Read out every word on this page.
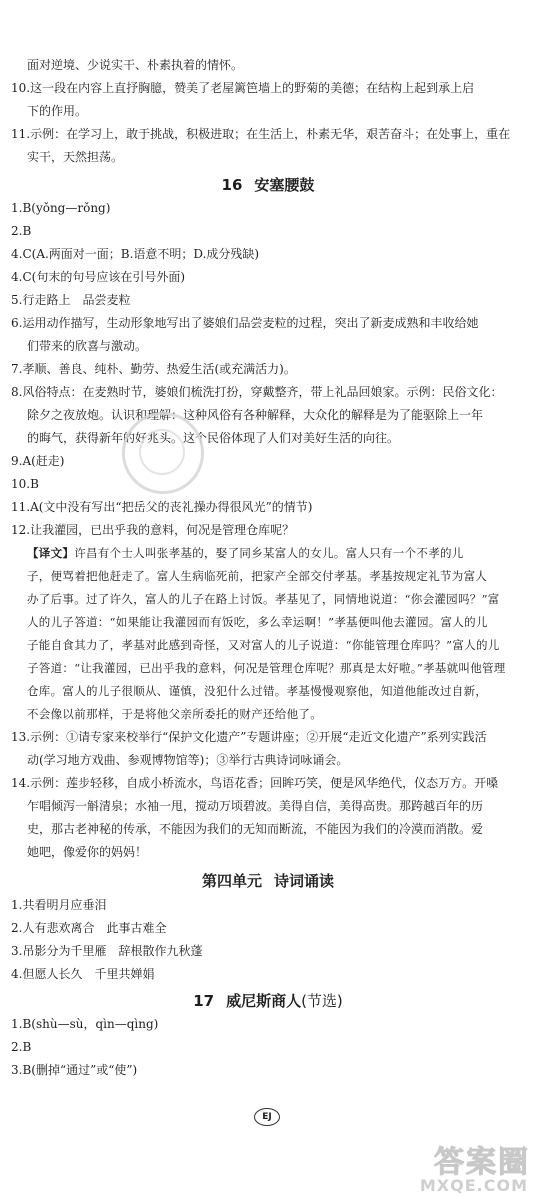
面对逆境、少说实干、朴素执着的情怀。
10.这一段在内容上直抒胸臆，赞美了老屋篱笆墙上的野菊的美德；在结构上起到承上启
下的作用。
11.示例：在学习上，敢于挑战，积极进取；在生活上，朴素无华，艰苦奋斗；在处事上，重在
实干，天然担荡。
16 安塞腰鼓
1.B(yǒng—rǒng)
2.B
4.C(A.两面对一面；B.语意不明；D.成分残缺)
4.C(句末的句号应该在引号外面)
5.行走路上　品尝麦粒
6.运用动作描写，生动形象地写出了婆娘们品尝麦粒的过程，突出了新麦成熟和丰收给她
们带来的欣喜与激动。
7.孝顺、善良、纯朴、勤劳、热爱生活(或充满活力)。
8.风俗特点：在麦熟时节，婆娘们梳洗打扮，穿戴整齐，带上礼品回娘家。示例：民俗文化：
除夕之夜放炮。认识和理解：这种风俗有各种解释，大众化的解释是为了能驱除上一年
的晦气，获得新年的好兆头。这个民俗体现了人们对美好生活的向往。
9.A(赶走)
10.B
11.A(文中没有写出“把岳父的丧礼操办得很风光”的情节)
12.让我灌园，已出乎我的意料，何况是管理仓库呢？
【译文】许昌有个士人叫张孝基的，娶了同乡某富人的女儿。富人只有一个不孝的儿
子，便骂着把他赶走了。富人生病临死前，把家产全部交付孝基。孝基按规定礼节为富人
办了后事。过了许久，富人的儿子在路上讨饭。孝基见了，同情地说道：“你会灌园吗？”富
人的儿子答道：“如果能让我灌园而有饭吃，多么幸运啊！”孝基便叫他去灌园。富人的儿
子能自食其力了，孝基对此感到奇怪，又对富人的儿子说道：“你能管理仓库吗？”富人的儿
子答道：“让我灌园，已出乎我的意料，何况是管理仓库呢？那真是太好啦。”孝基就叫他管理
仓库。富人的儿子很顺从、谨慎，没犯什么过错。孝基慢慢观察他，知道他能改过自新，
不会像以前那样，于是将他父亲所委托的财产还给他了。
13.示例：①请专家来校举行“保护文化遗产”专题讲座；②开展“走近文化遗产”系列实践活
动(学习地方戏曲、参观博物馆等)；③举行古典诗词咏诵会。
14.示例：莲步轻移，自成小桥流水，鸟语花香；回眸巧笑，便是风华绝代，仪态万方。开嗓
乍唱倾泻一斛清泉；水袖一甩，搅动万顷碧波。美得自信，美得高贵。那跨越百年的历
史，那古老神秘的传承，不能因为我们的无知而断流，不能因为我们的冷漠而消散。爱
她吧，像爱你的妈妈！
第四单元 诗词诵读
1.共看明月应垂泪
2.人有悲欢离合　此事古难全
3.吊影分为千里雁　辞根散作九秋蓬
4.但愿人长久　千里共婵娟
17 威尼斯商人(节选)
1.B(shù—sù，qìn—qìng)
2.B
3.B(删掉“通过”或“使”)
EJ
答案圈
MXQE.COM
